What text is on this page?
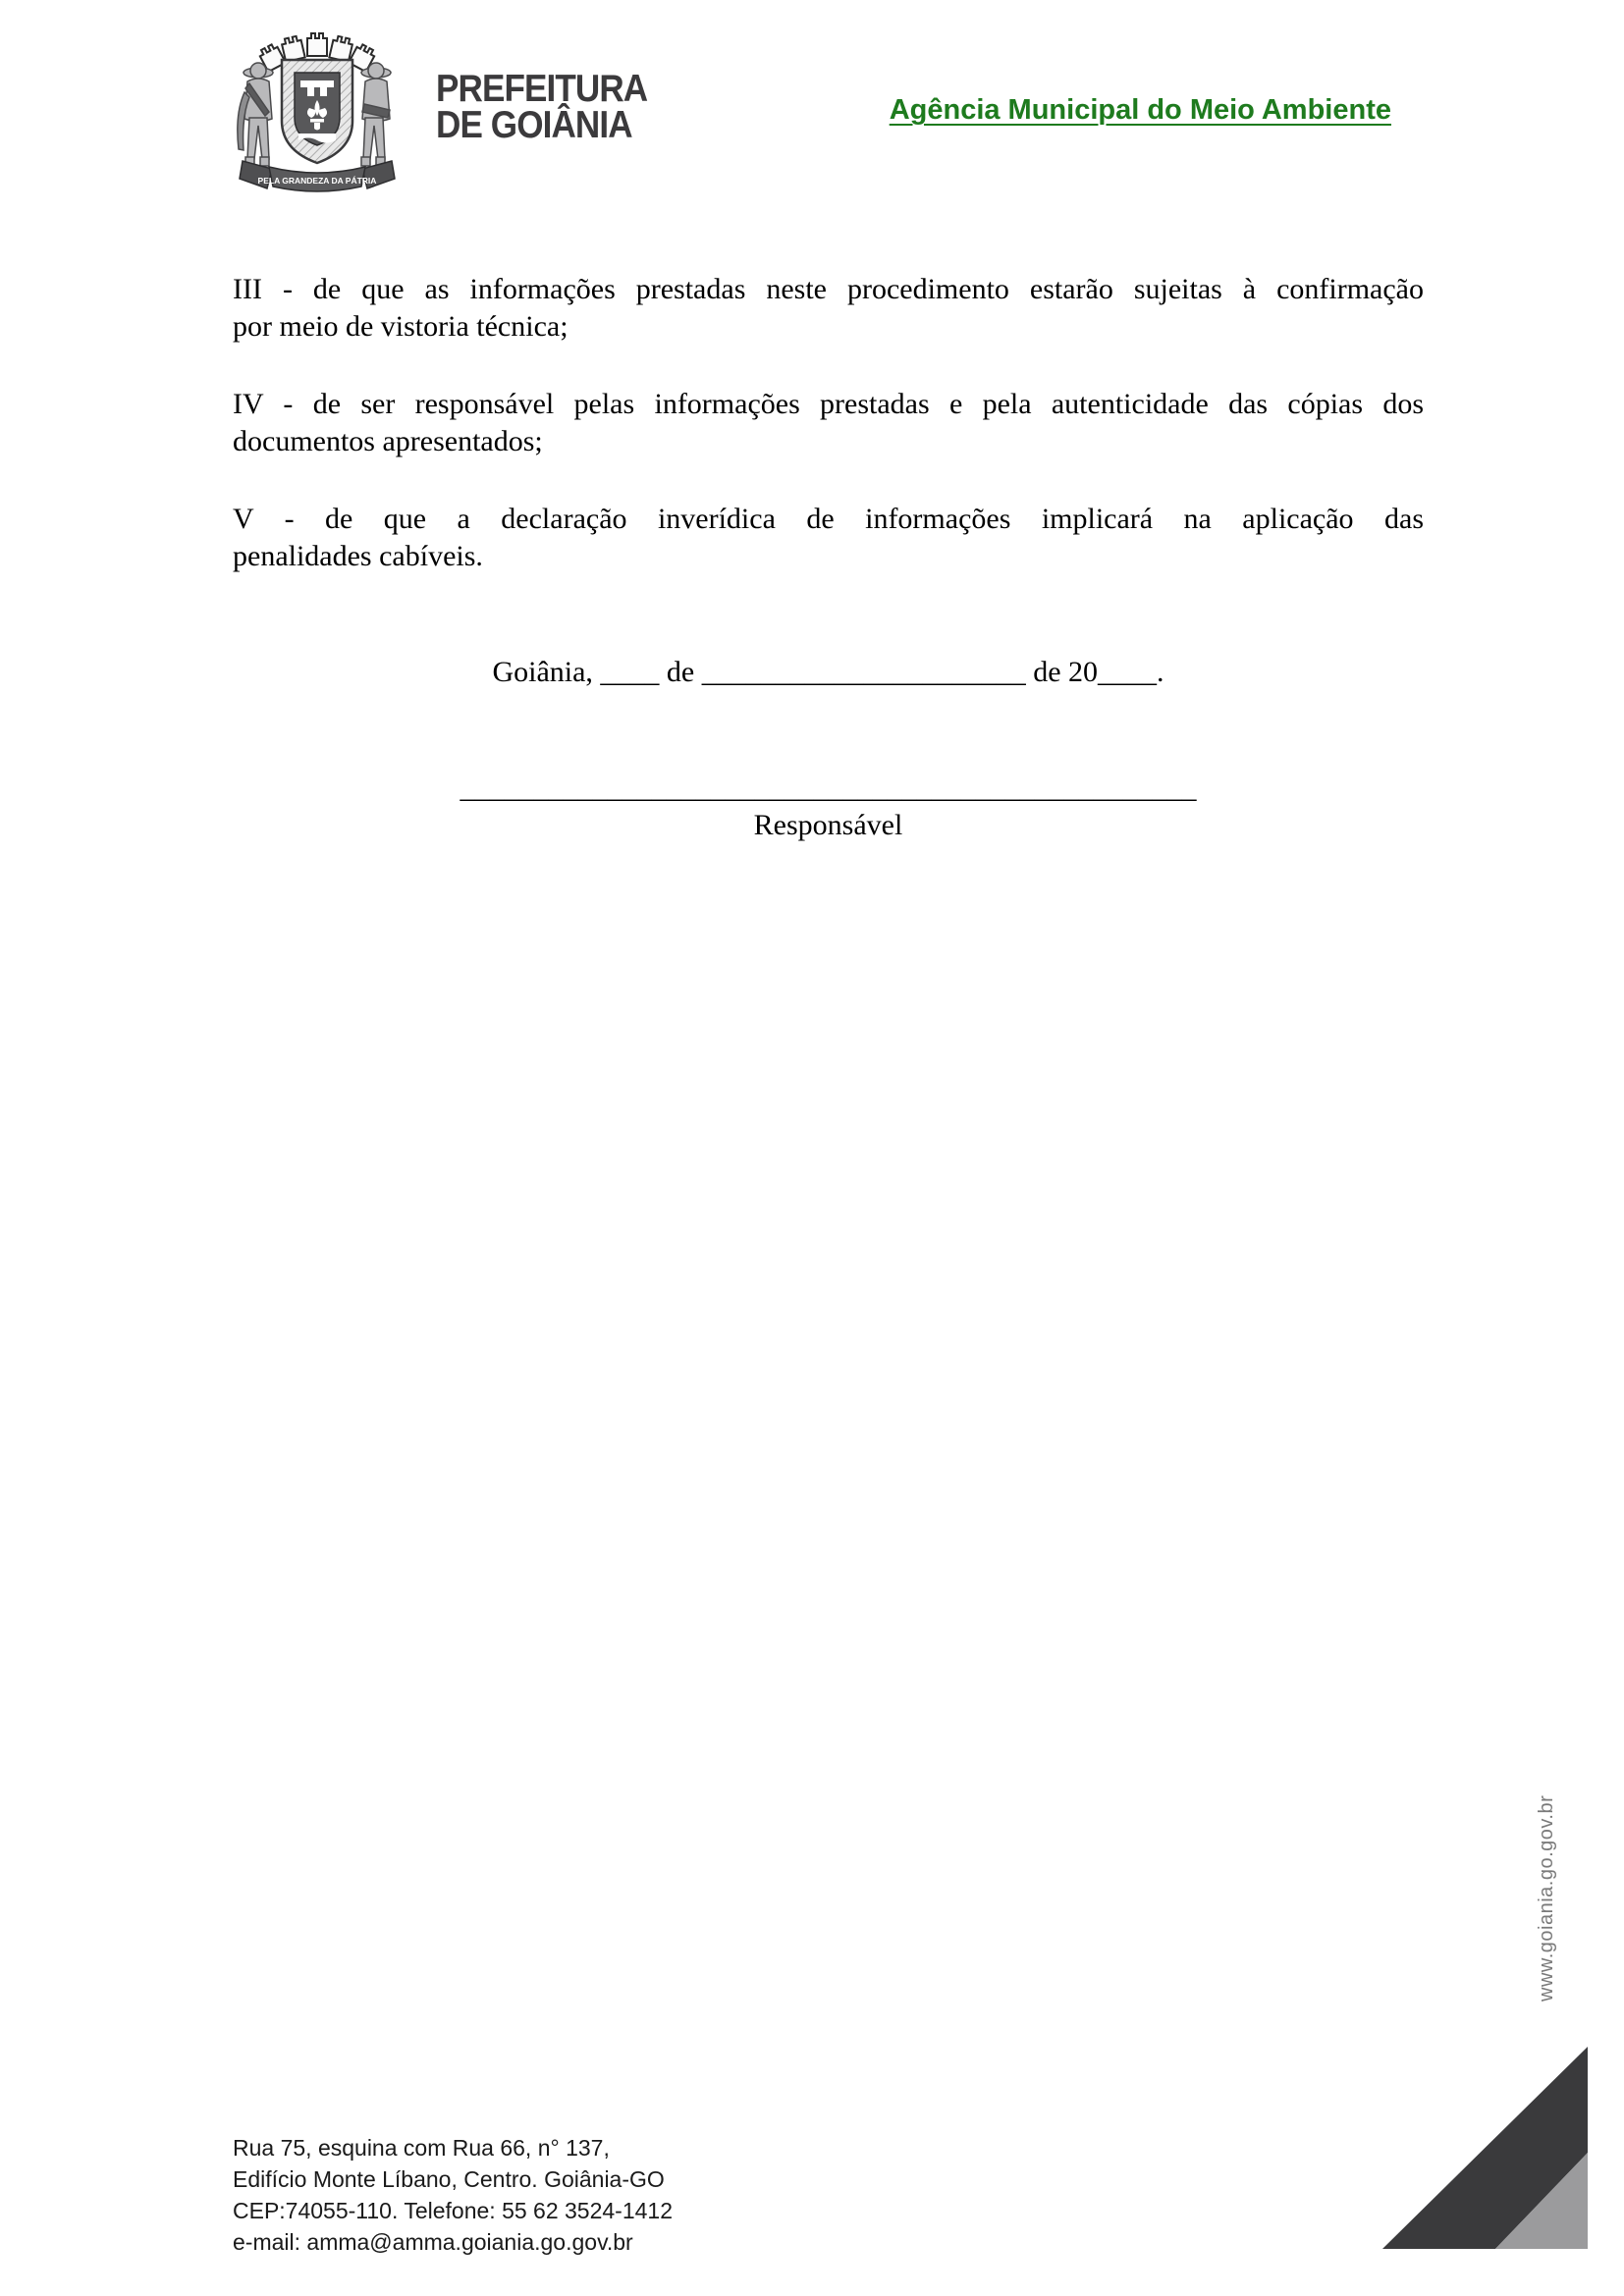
PELA GRANDEZA DA PÁTRIA
PREFEITURA
DE GOIÂNIA	Agência Municipal do Meio Ambiente
III - de que as informações prestadas neste procedimento estarão sujeitas à confirmação
por meio de vistoria técnica;
IV - de ser responsável pelas informações prestadas e pela autenticidade das cópias dos
documentos apresentados;
V - de que a declaração inverídica de informações implicará na aplicação das
penalidades cabíveis.
Goiânia, ____ de ______________________ de 20____.
__________________________________________________
Responsável
Rua 75, esquina com Rua 66, n° 137,
Edifício Monte Líbano, Centro. Goiânia-GO
CEP:74055-110. Telefone: 55 62 3524-1412
e-mail: amma@amma.goiania.go.gov.br
www.goiania.go.gov.br
